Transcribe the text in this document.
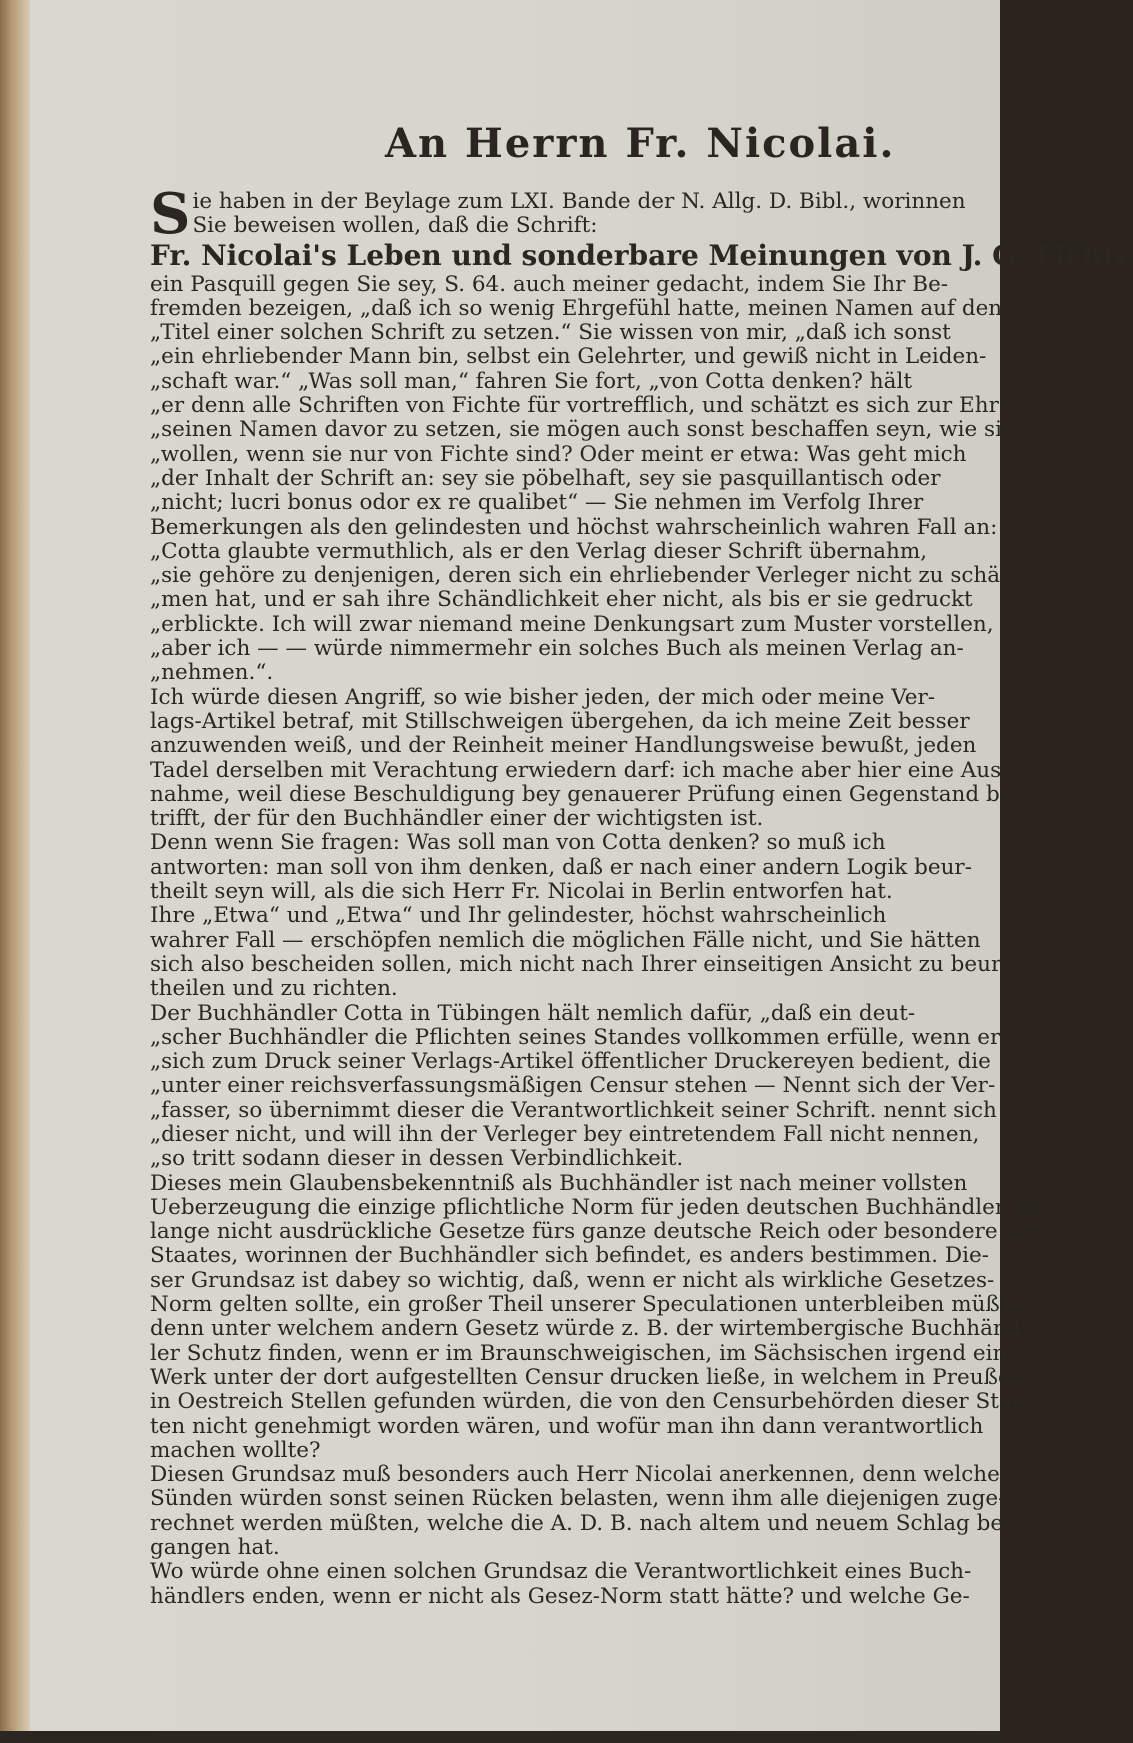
An Herrn Fr. Nicolai.
Sie haben in der Beylage zum LXI. Bande der N. Allg. D. Bibl., worinnen
Sie beweisen wollen, daß die Schrift:
Fr. Nicolai's Leben und sonderbare Meinungen von J. G. Fichte
ein Pasquill gegen Sie sey, S. 64. auch meiner gedacht, indem Sie Ihr Be-
fremden bezeigen, „daß ich so wenig Ehrgefühl hatte, meinen Namen auf den
„Titel einer solchen Schrift zu setzen.“ Sie wissen von mir, „daß ich sonst
„ein ehrliebender Mann bin, selbst ein Gelehrter, und gewiß nicht in Leiden-
„schaft war.“ „Was soll man,“ fahren Sie fort, „von Cotta denken? hält
„er denn alle Schriften von Fichte für vortrefflich, und schätzt es sich zur Ehre,
„seinen Namen davor zu setzen, sie mögen auch sonst beschaffen seyn, wie sie
„wollen, wenn sie nur von Fichte sind? Oder meint er etwa: Was geht mich
„der Inhalt der Schrift an: sey sie pöbelhaft, sey sie pasquillantisch oder
„nicht; lucri bonus odor ex re qualibet“ — Sie nehmen im Verfolg Ihrer
Bemerkungen als den gelindesten und höchst wahrscheinlich wahren Fall an:
„Cotta glaubte vermuthlich, als er den Verlag dieser Schrift übernahm,
„sie gehöre zu denjenigen, deren sich ein ehrliebender Verleger nicht zu schä-
„men hat, und er sah ihre Schändlichkeit eher nicht, als bis er sie gedruckt
„erblickte. Ich will zwar niemand meine Denkungsart zum Muster vorstellen,
„aber ich — — würde nimmermehr ein solches Buch als meinen Verlag an-
„nehmen.“.
Ich würde diesen Angriff, so wie bisher jeden, der mich oder meine Ver-
lags-Artikel betraf, mit Stillschweigen übergehen, da ich meine Zeit besser
anzuwenden weiß, und der Reinheit meiner Handlungsweise bewußt, jeden
Tadel derselben mit Verachtung erwiedern darf: ich mache aber hier eine Aus-
nahme, weil diese Beschuldigung bey genauerer Prüfung einen Gegenstand be-
trifft, der für den Buchhändler einer der wichtigsten ist.
Denn wenn Sie fragen: Was soll man von Cotta denken? so muß ich
antworten: man soll von ihm denken, daß er nach einer andern Logik beur-
theilt seyn will, als die sich Herr Fr. Nicolai in Berlin entworfen hat.
Ihre „Etwa“ und „Etwa“ und Ihr gelindester, höchst wahrscheinlich
wahrer Fall — erschöpfen nemlich die möglichen Fälle nicht, und Sie hätten
sich also bescheiden sollen, mich nicht nach Ihrer einseitigen Ansicht zu beur-
theilen und zu richten.
Der Buchhändler Cotta in Tübingen hält nemlich dafür, „daß ein deut-
„scher Buchhändler die Pflichten seines Standes vollkommen erfülle, wenn er
„sich zum Druck seiner Verlags-Artikel öffentlicher Druckereyen bedient, die
„unter einer reichsverfassungsmäßigen Censur stehen — Nennt sich der Ver-
„fasser, so übernimmt dieser die Verantwortlichkeit seiner Schrift. nennt sich
„dieser nicht, und will ihn der Verleger bey eintretendem Fall nicht nennen,
„so tritt sodann dieser in dessen Verbindlichkeit.
Dieses mein Glaubensbekenntniß als Buchhändler ist nach meiner vollsten
Ueberzeugung die einzige pflichtliche Norm für jeden deutschen Buchhändler, so
lange nicht ausdrückliche Gesetze fürs ganze deutsche Reich oder besondere des
Staates, worinnen der Buchhändler sich befindet, es anders bestimmen. Die-
ser Grundsaz ist dabey so wichtig, daß, wenn er nicht als wirkliche Gesetzes-
Norm gelten sollte, ein großer Theil unserer Speculationen unterbleiben müßte;
denn unter welchem andern Gesetz würde z. B. der wirtembergische Buchhänd-
ler Schutz finden, wenn er im Braunschweigischen, im Sächsischen irgend ein
Werk unter der dort aufgestellten Censur drucken ließe, in welchem in Preußen,
in Oestreich Stellen gefunden würden, die von den Censurbehörden dieser Staa-
ten nicht genehmigt worden wären, und wofür man ihn dann verantwortlich
machen wollte?
Diesen Grundsaz muß besonders auch Herr Nicolai anerkennen, denn welche
Sünden würden sonst seinen Rücken belasten, wenn ihm alle diejenigen zuge-
rechnet werden müßten, welche die A. D. B. nach altem und neuem Schlag be-
gangen hat.
Wo würde ohne einen solchen Grundsaz die Verantwortlichkeit eines Buch-
händlers enden, wenn er nicht als Gesez-Norm statt hätte? und welche Ge-
